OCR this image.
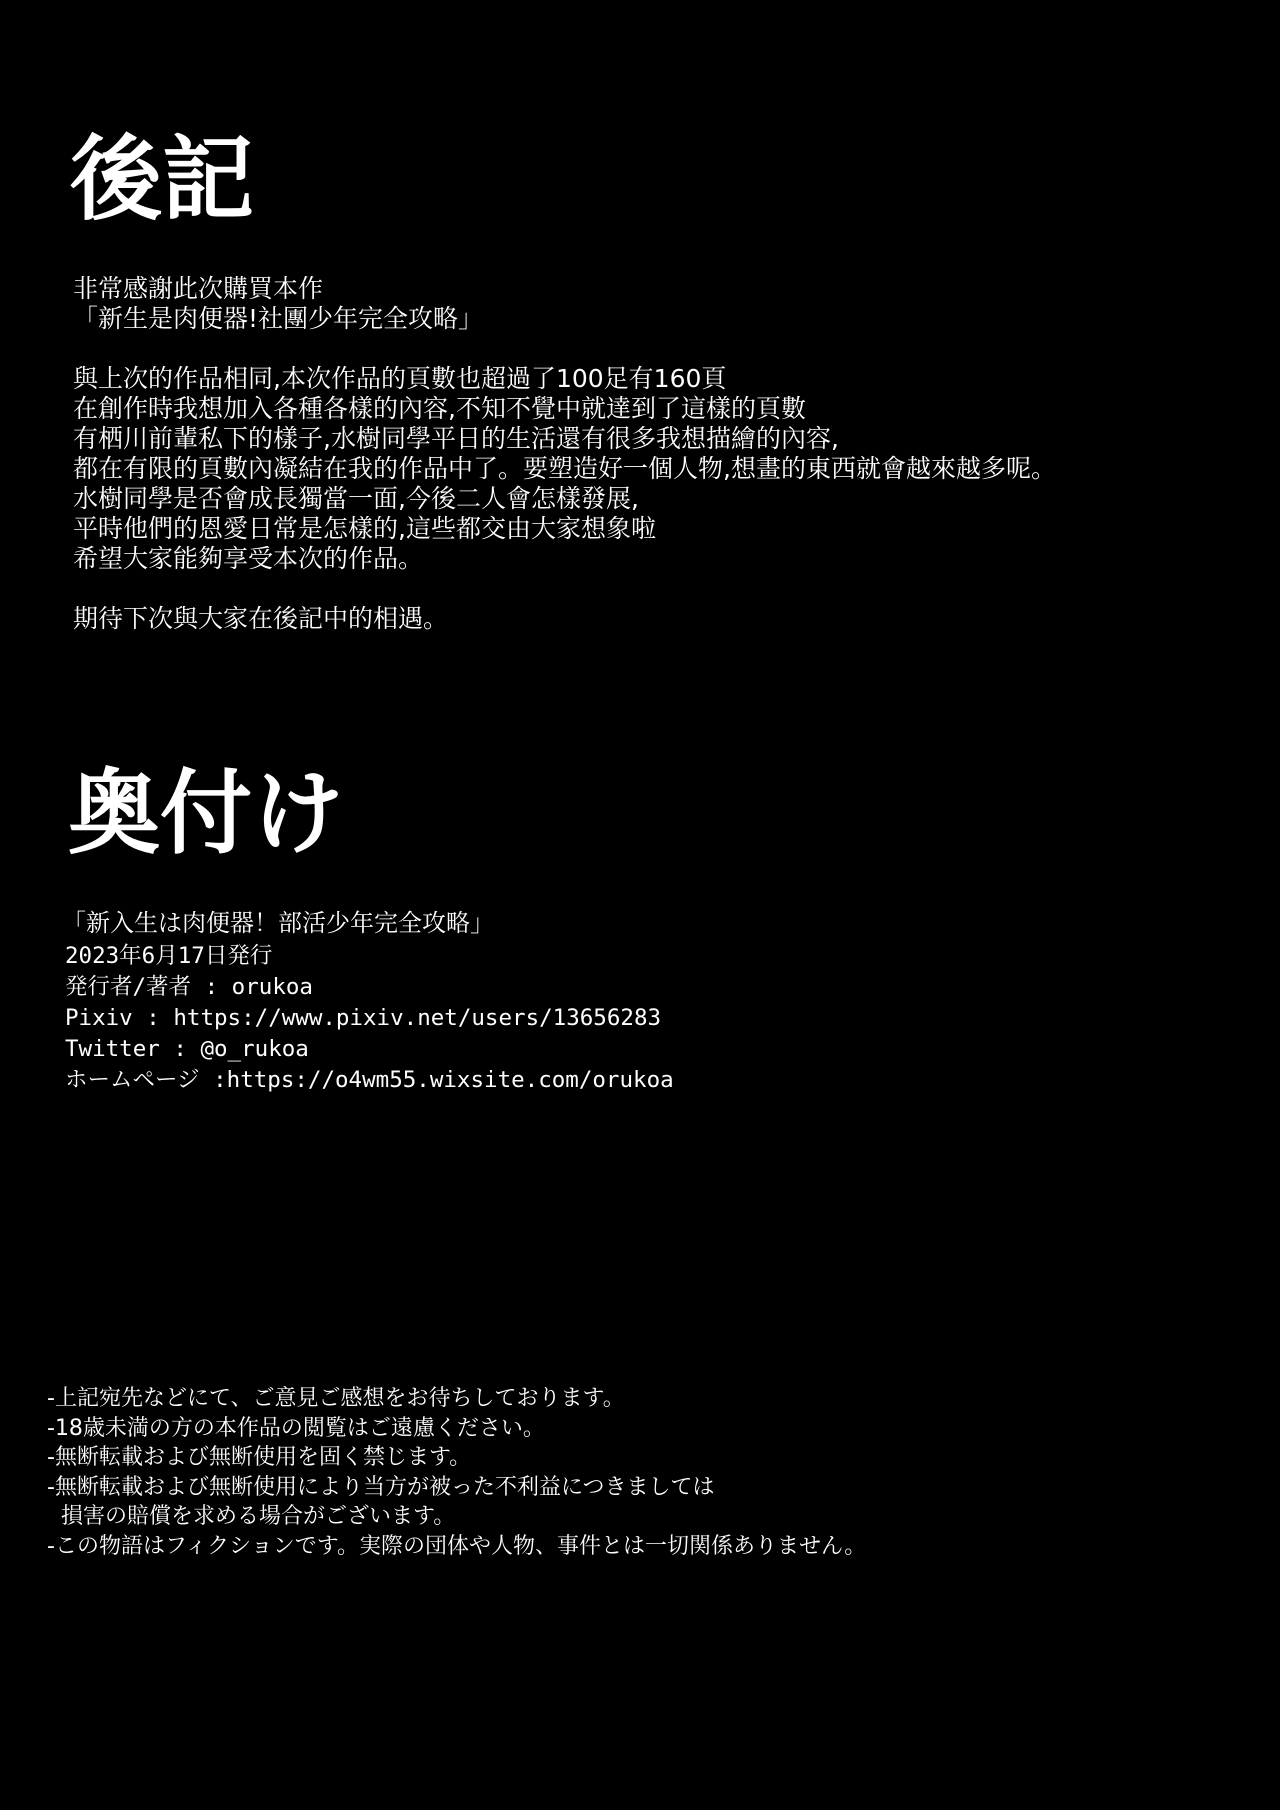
後記
非常感謝此次購買本作
「新生是肉便器!社團少年完全攻略」
與上次的作品相同,本次作品的頁數也超過了100足有160頁
在創作時我想加入各種各樣的內容,不知不覺中就達到了這樣的頁數
有栖川前輩私下的樣子,水樹同學平日的生活還有很多我想描繪的內容,
都在有限的頁數內凝結在我的作品中了。要塑造好一個人物,想畫的東西就會越來越多呢。
水樹同學是否會成長獨當一面,今後二人會怎樣發展,
平時他們的恩愛日常是怎樣的,這些都交由大家想象啦
希望大家能夠享受本次的作品。
期待下次與大家在後記中的相遇。
奥付け
「新入生は肉便器！部活少年完全攻略」
2023年6月17日発行
発行者/著者 : orukoa
Pixiv : https://www.pixiv.net/users/13656283
Twitter : @o_rukoa
ホームページ :https://o4wm55.wixsite.com/orukoa
-上記宛先などにて、ご意見ご感想をお待ちしております。
-18歳未満の方の本作品の閲覧はご遠慮ください。
-無断転載および無断使用を固く禁じます。
-無断転載および無断使用により当方が被った不利益につきましては
損害の賠償を求める場合がございます。
-この物語はフィクションです。実際の団体や人物、事件とは一切関係ありません。
